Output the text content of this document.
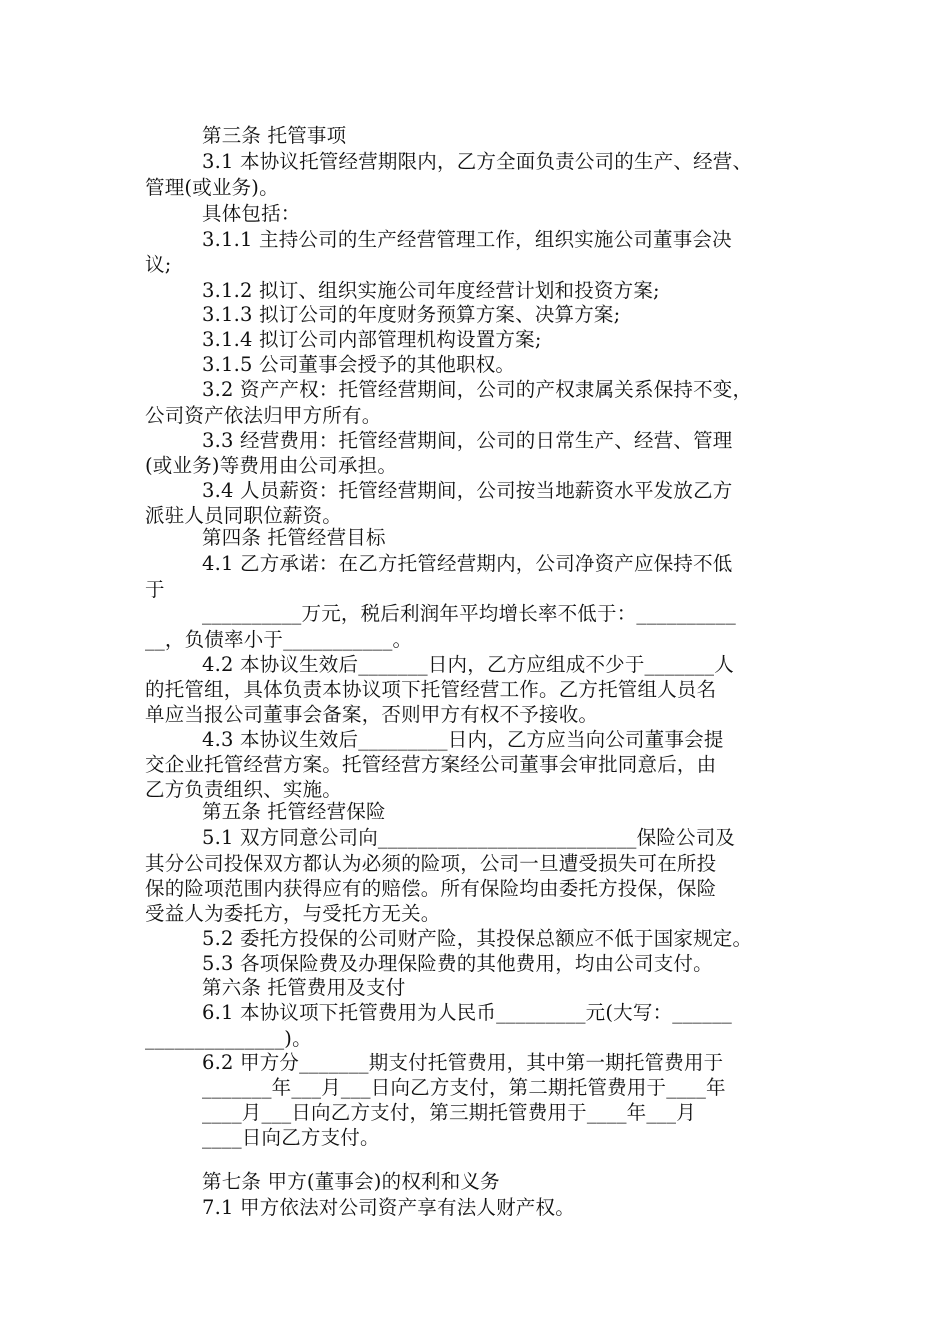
第三条 托管事项
3.1 本协议托管经营期限内，乙方全面负责公司的生产、经营、
管理(或业务)。
具体包括：
3.1.1 主持公司的生产经营管理工作，组织实施公司董事会决
议;
3.1.2 拟订、组织实施公司年度经营计划和投资方案;
3.1.3 拟订公司的年度财务预算方案、决算方案;
3.1.4 拟订公司内部管理机构设置方案;
3.1.5 公司董事会授予的其他职权。
3.2 资产产权：托管经营期间，公司的产权隶属关系保持不变，
公司资产依法归甲方所有。
3.3 经营费用：托管经营期间，公司的日常生产、经营、管理
(或业务)等费用由公司承担。
3.4 人员薪资：托管经营期间，公司按当地薪资水平发放乙方
派驻人员同职位薪资。
第四条 托管经营目标
4.1 乙方承诺：在乙方托管经营期内，公司净资产应保持不低
于
__________万元，税后利润年平均增长率不低于：__________
__，负债率小于___________。
4.2 本协议生效后_______日内，乙方应组成不少于_______人
的托管组，具体负责本协议项下托管经营工作。乙方托管组人员名
单应当报公司董事会备案，否则甲方有权不予接收。
4.3 本协议生效后_________日内，乙方应当向公司董事会提
交企业托管经营方案。托管经营方案经公司董事会审批同意后，由
乙方负责组织、实施。
第五条 托管经营保险
5.1 双方同意公司向__________________________保险公司及
其分公司投保双方都认为必须的险项，公司一旦遭受损失可在所投
保的险项范围内获得应有的赔偿。所有保险均由委托方投保，保险
受益人为委托方，与受托方无关。
5.2 委托方投保的公司财产险，其投保总额应不低于国家规定。
5.3 各项保险费及办理保险费的其他费用，均由公司支付。
第六条 托管费用及支付
6.1 本协议项下托管费用为人民币_________元(大写：______
______________)。
6.2 甲方分_______期支付托管费用，其中第一期托管费用于
_______年___月___日向乙方支付，第二期托管费用于____年
____月___日向乙方支付，第三期托管费用于____年___月
____日向乙方支付。
第七条 甲方(董事会)的权利和义务
7.1 甲方依法对公司资产享有法人财产权。
